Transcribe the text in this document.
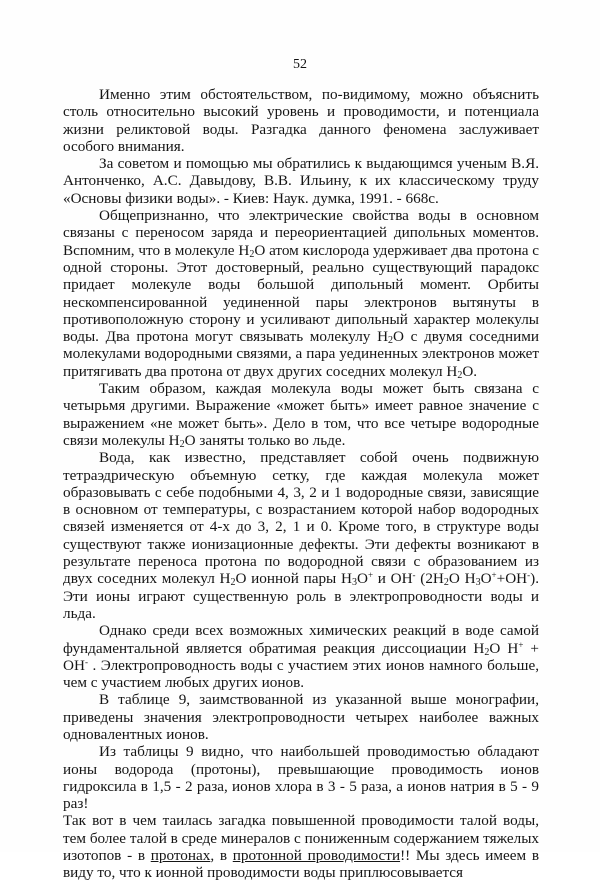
52

Именно этим обстоятельством, по-видимому, можно объяснить столь относительно высокий уровень и проводимости, и потенциала жизни реликтовой воды. Разгадка данного феномена заслуживает особого внимания.

За советом и помощью мы обратились к выдающимся ученым В.Я. Антонченко, А.С. Давыдову, В.В. Ильину, к их классическому труду «Основы физики воды». - Киев: Наук. думка, 1991. - 668с.

Общепризнанно, что электрические свойства воды в основном связаны с переносом заряда и переориентацией дипольных моментов. Вспомним, что в молекуле $H_2O$ атом кислорода удерживает два протона с одной стороны. Этот достоверный, реально существующий парадокс придает молекуле воды большой дипольный момент. Орбиты нескомпенсированной уединенной пары электронов вытянуты в противоположную сторону и усиливают дипольный характер молекулы воды. Два протона могут связывать молекулу $H_2O$ с двумя соседними молекулами водородными связями, а пара уединенных электронов может притягивать два протона от двух других соседних молекул $H_2O$.

Таким образом, каждая молекула воды может быть связана с четырьмя другими. Выражение «может быть» имеет равное значение с выражением «не может быть». Дело в том, что все четыре водородные связи молекулы $H_2O$ заняты только во льде.

Вода, как известно, представляет собой очень подвижную тетраэдрическую объемную сетку, где каждая молекула может образовывать с себе подобными 4, 3, 2 и 1 водородные связи, зависящие в основном от температуры, с возрастанием которой набор водородных связей изменяется от 4-х до 3, 2, 1 и 0. Кроме того, в структуре воды существуют также ионизационные дефекты. Эти дефекты возникают в результате переноса протона по водородной связи с образованием из двух соседних молекул $H_2O$ ионной пары $H_3O^+$ и OH- ($2H_2O$ $H_3O^++OH^-$). Эти ионы играют существенную роль в электропроводности воды и льда.

Однако среди всех возможных химических реакций в воде самой фундаментальной является обратимая реакция диссоциации $H_2O$ H+ + OH- . Электропроводность воды с участием этих ионов намного больше, чем с участием любых других ионов.

В таблице 9, заимствованной из указанной выше монографии, приведены значения электропроводности четырех наиболее важных одновалентных ионов.

Из таблицы 9 видно, что наибольшей проводимостью обладают ионы водорода (протоны), превышающие проводимость ионов гидроксила в 1,5 - 2 раза, ионов хлора в 3 - 5 раза, а ионов натрия в 5 - 9 раз!

Так вот в чем таилась загадка повышенной проводимости талой воды, тем более талой в среде минералов с пониженным содержанием тяжелых изотопов - в протонах, в протонной проводимости!! Мы здесь имеем в виду то, что к ионной проводимости воды приплюсовывается
